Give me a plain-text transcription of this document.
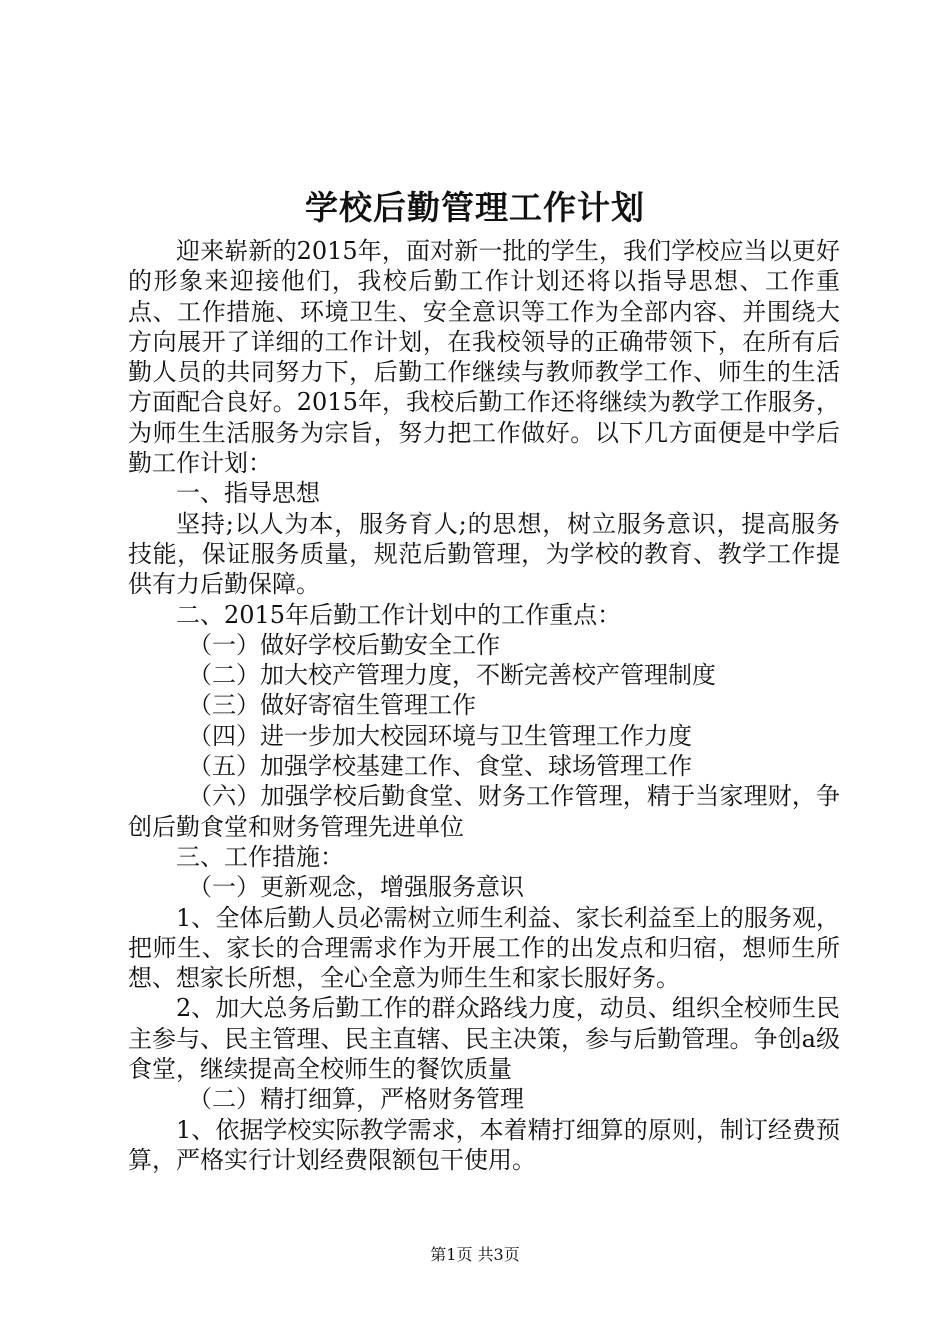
学校后勤管理工作计划

迎来崭新的2015年，面对新一批的学生，我们学校应当以更好的形象来迎接他们，我校后勤工作计划还将以指导思想、工作重点、工作措施、环境卫生、安全意识等工作为全部内容、并围绕大方向展开了详细的工作计划，在我校领导的正确带领下，在所有后勤人员的共同努力下，后勤工作继续与教师教学工作、师生的生活方面配合良好。2015年，我校后勤工作还将继续为教学工作服务，为师生生活服务为宗旨，努力把工作做好。以下几方面便是中学后勤工作计划：

一、指导思想

坚持;以人为本，服务育人;的思想，树立服务意识，提高服务技能，保证服务质量，规范后勤管理，为学校的教育、教学工作提供有力后勤保障。

二、2015年后勤工作计划中的工作重点：

（一）做好学校后勤安全工作

（二）加大校产管理力度，不断完善校产管理制度

（三）做好寄宿生管理工作

（四）进一步加大校园环境与卫生管理工作力度

（五）加强学校基建工作、食堂、球场管理工作

（六）加强学校后勤食堂、财务工作管理，精于当家理财，争创后勤食堂和财务管理先进单位

三、工作措施：

（一）更新观念，增强服务意识

1、全体后勤人员必需树立师生利益、家长利益至上的服务观，把师生、家长的合理需求作为开展工作的出发点和归宿，想师生所想、想家长所想，全心全意为师生生和家长服好务。

2、加大总务后勤工作的群众路线力度，动员、组织全校师生民主参与、民主管理、民主直辖、民主决策，参与后勤管理。争创a级食堂，继续提高全校师生的餐饮质量

（二）精打细算，严格财务管理

1、依据学校实际教学需求，本着精打细算的原则，制订经费预算，严格实行计划经费限额包干使用。

第1页 共3页
